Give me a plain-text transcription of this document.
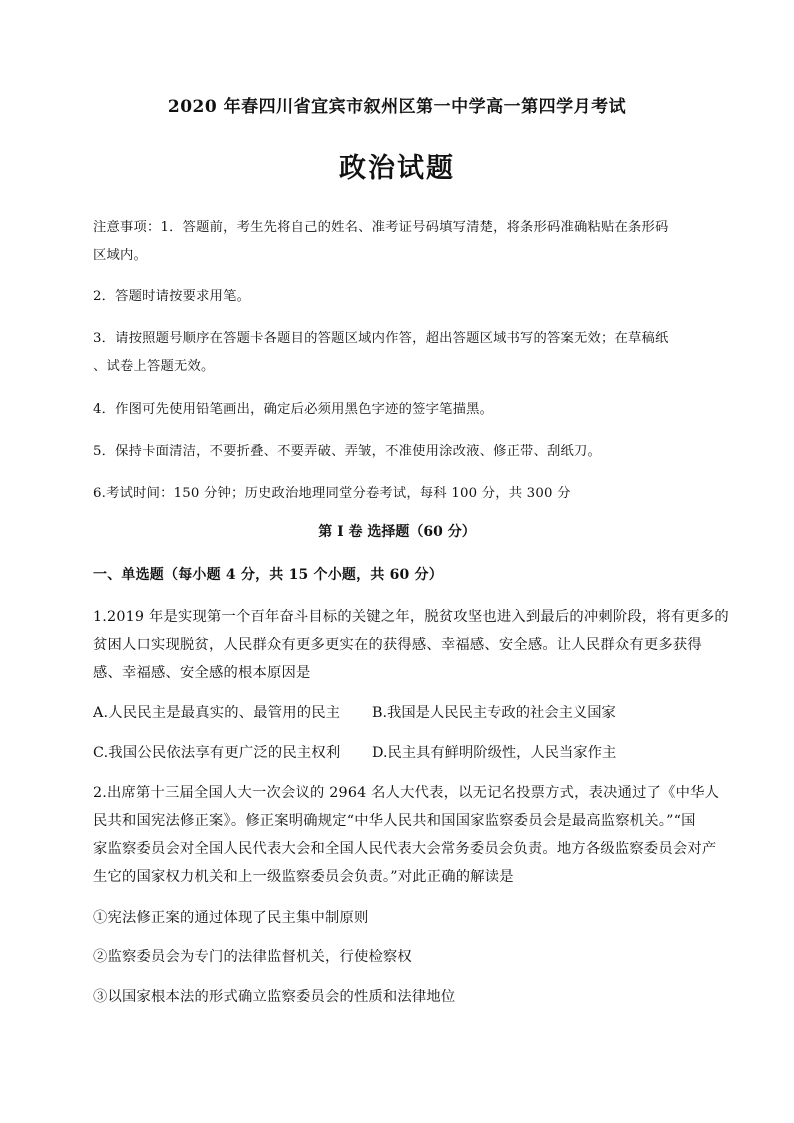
2020 年春四川省宜宾市叙州区第一中学高一第四学月考试
政治试题
注意事项：1．答题前，考生先将自己的姓名、准考证号码填写清楚，将条形码准确粘贴在条形码
区域内。
2．答题时请按要求用笔。
3．请按照题号顺序在答题卡各题目的答题区域内作答，超出答题区域书写的答案无效；在草稿纸
、试卷上答题无效。
4．作图可先使用铅笔画出，确定后必须用黑色字迹的签字笔描黑。
5．保持卡面清洁，不要折叠、不要弄破、弄皱，不准使用涂改液、修正带、刮纸刀。
6.考试时间：150 分钟；历史政治地理同堂分卷考试，每科 100 分，共 300 分
第 I 卷 选择题（60 分）
一、单选题（每小题 4 分，共 15 个小题，共 60 分）
1.2019 年是实现第一个百年奋斗目标的关键之年，脱贫攻坚也进入到最后的冲刺阶段，将有更多的
贫困人口实现脱贫，人民群众有更多更实在的获得感、幸福感、安全感。让人民群众有更多获得
感、幸福感、安全感的根本原因是
A.人民民主是最真实的、最管用的民主 B.我国是人民民主专政的社会主义国家
C.我国公民依法享有更广泛的民主权利 D.民主具有鲜明阶级性，人民当家作主
2.出席第十三届全国人大一次会议的 2964 名人大代表，以无记名投票方式，表决通过了《中华人
民共和国宪法修正案》。修正案明确规定“中华人民共和国国家监察委员会是最高监察机关。”“国
家监察委员会对全国人民代表大会和全国人民代表大会常务委员会负责。地方各级监察委员会对产
生它的国家权力机关和上一级监察委员会负责。”对此正确的解读是
①宪法修正案的通过体现了民主集中制原则
②监察委员会为专门的法律监督机关，行使检察权
③以国家根本法的形式确立监察委员会的性质和法律地位
